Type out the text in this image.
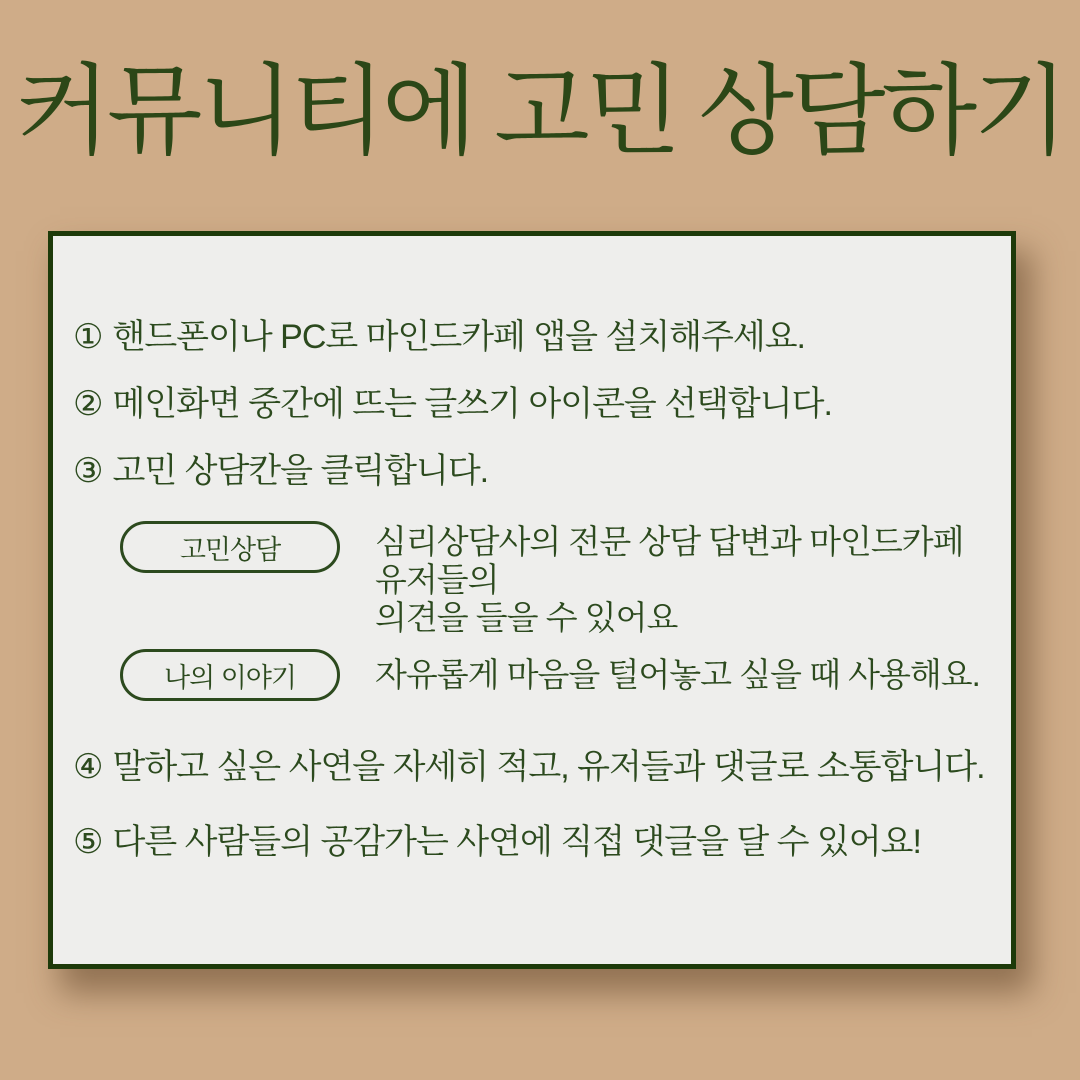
커뮤니티에 고민 상담하기

① 핸드폰이나 PC로 마인드카페 앱을 설치해주세요.

② 메인화면 중간에 뜨는 글쓰기 아이콘을 선택합니다.

③ 고민 상담칸을 클릭합니다.

고민상담	심리상담사의 전문 상담 답변과 마인드카페 유저들의
의견을 들을 수 있어요
나의 이야기 자유롭게 마음을 털어놓고 싶을 때 사용해요.

④ 말하고 싶은 사연을 자세히 적고, 유저들과 댓글로 소통합니다.

⑤ 다른 사람들의 공감가는 사연에 직접 댓글을 달 수 있어요!
